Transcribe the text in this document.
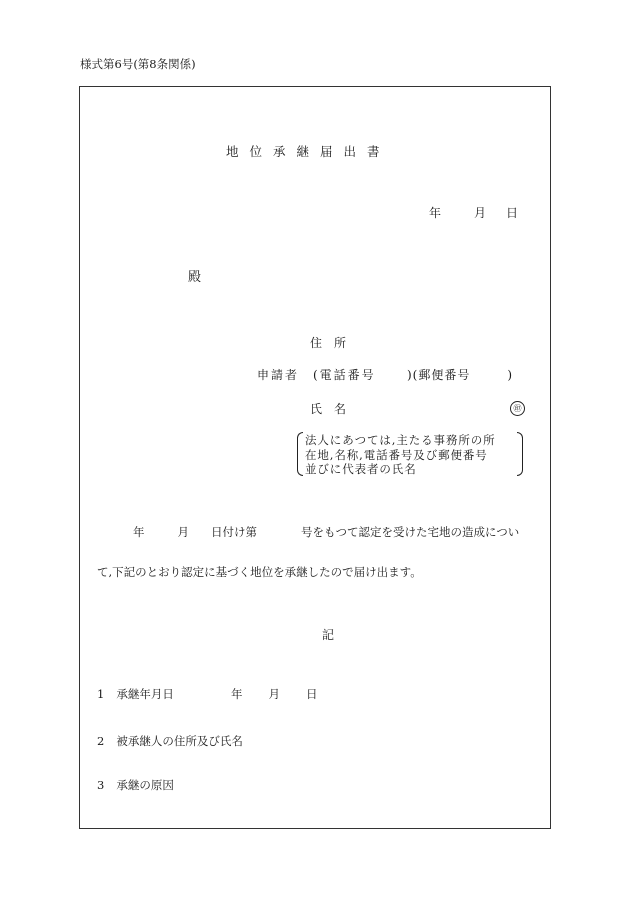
様式第6号(第8条関係)
地位承継届出書
年	月 日
殿
住所
申請者 (電話番号	)(郵便番号	)
氏名	㊞
法人にあつては,主たる事務所の所
在地,名称,電話番号及び郵便番号
並びに代表者の氏名
年	月 日付け第	号をもつて認定を受けた宅地の造成につい
て,下記のとおり認定に基づく地位を承継したので届け出ます。
記
1 承継年月日	年 月 日
2 被承継人の住所及び氏名
3 承継の原因
